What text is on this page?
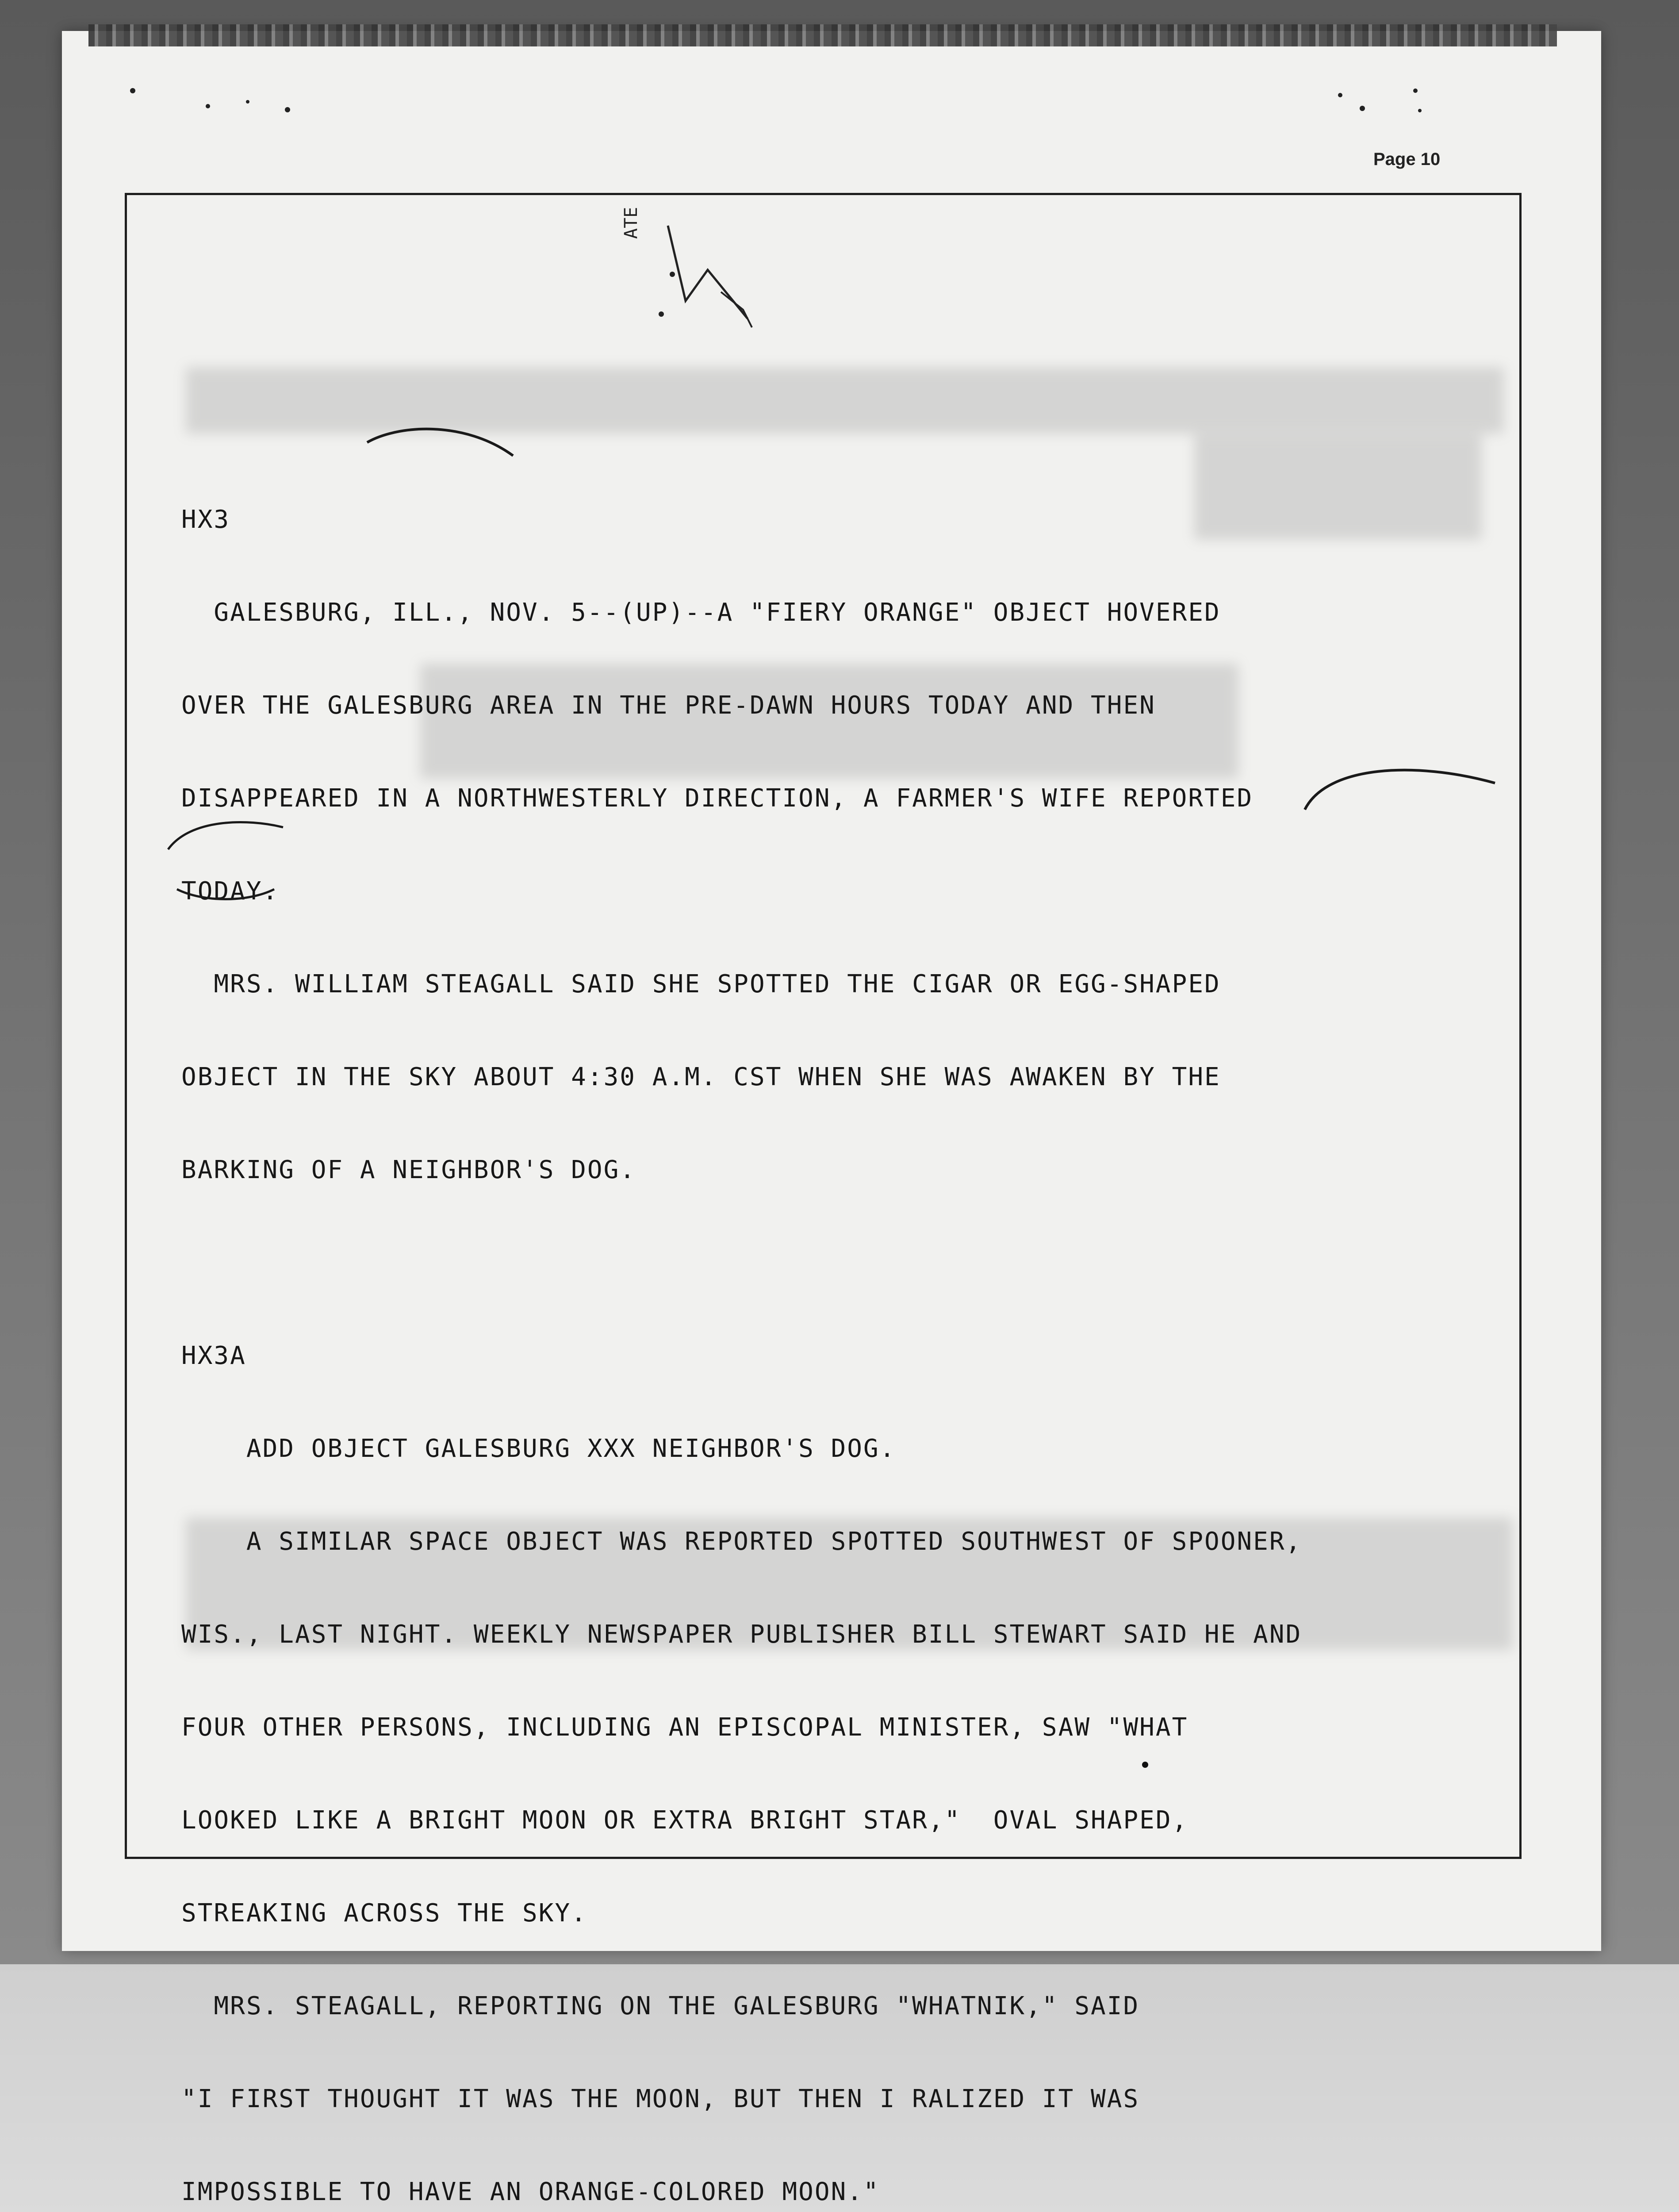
Page 10
ATE

HX3

GALESBURG, ILL., NOV. 5--(UP)--A "FIERY ORANGE" OBJECT HOVERED

OVER THE GALESBURG AREA IN THE PRE-DAWN HOURS TODAY AND THEN

DISAPPEARED IN A NORTHWESTERLY DIRECTION, A FARMER'S WIFE REPORTED

TODAY.

MRS. WILLIAM STEAGALL SAID SHE SPOTTED THE CIGAR OR EGG-SHAPED

OBJECT IN THE SKY ABOUT 4:30 A.M. CST WHEN SHE WAS AWAKEN BY THE

BARKING OF A NEIGHBOR'S DOG.

HX3A

ADD OBJECT GALESBURG XXX NEIGHBOR'S DOG.

A SIMILAR SPACE OBJECT WAS REPORTED SPOTTED SOUTHWEST OF SPOONER,

WIS., LAST NIGHT. WEEKLY NEWSPAPER PUBLISHER BILL STEWART SAID HE AND

FOUR OTHER PERSONS, INCLUDING AN EPISCOPAL MINISTER, SAW "WHAT

LOOKED LIKE A BRIGHT MOON OR EXTRA BRIGHT STAR,"  OVAL SHAPED,

STREAKING ACROSS THE SKY.

MRS. STEAGALL, REPORTING ON THE GALESBURG "WHATNIK," SAID

"I FIRST THOUGHT IT WAS THE MOON, BUT THEN I RALIZED IT WAS

IMPOSSIBLE TO HAVE AN ORANGE-COLORED MOON."
